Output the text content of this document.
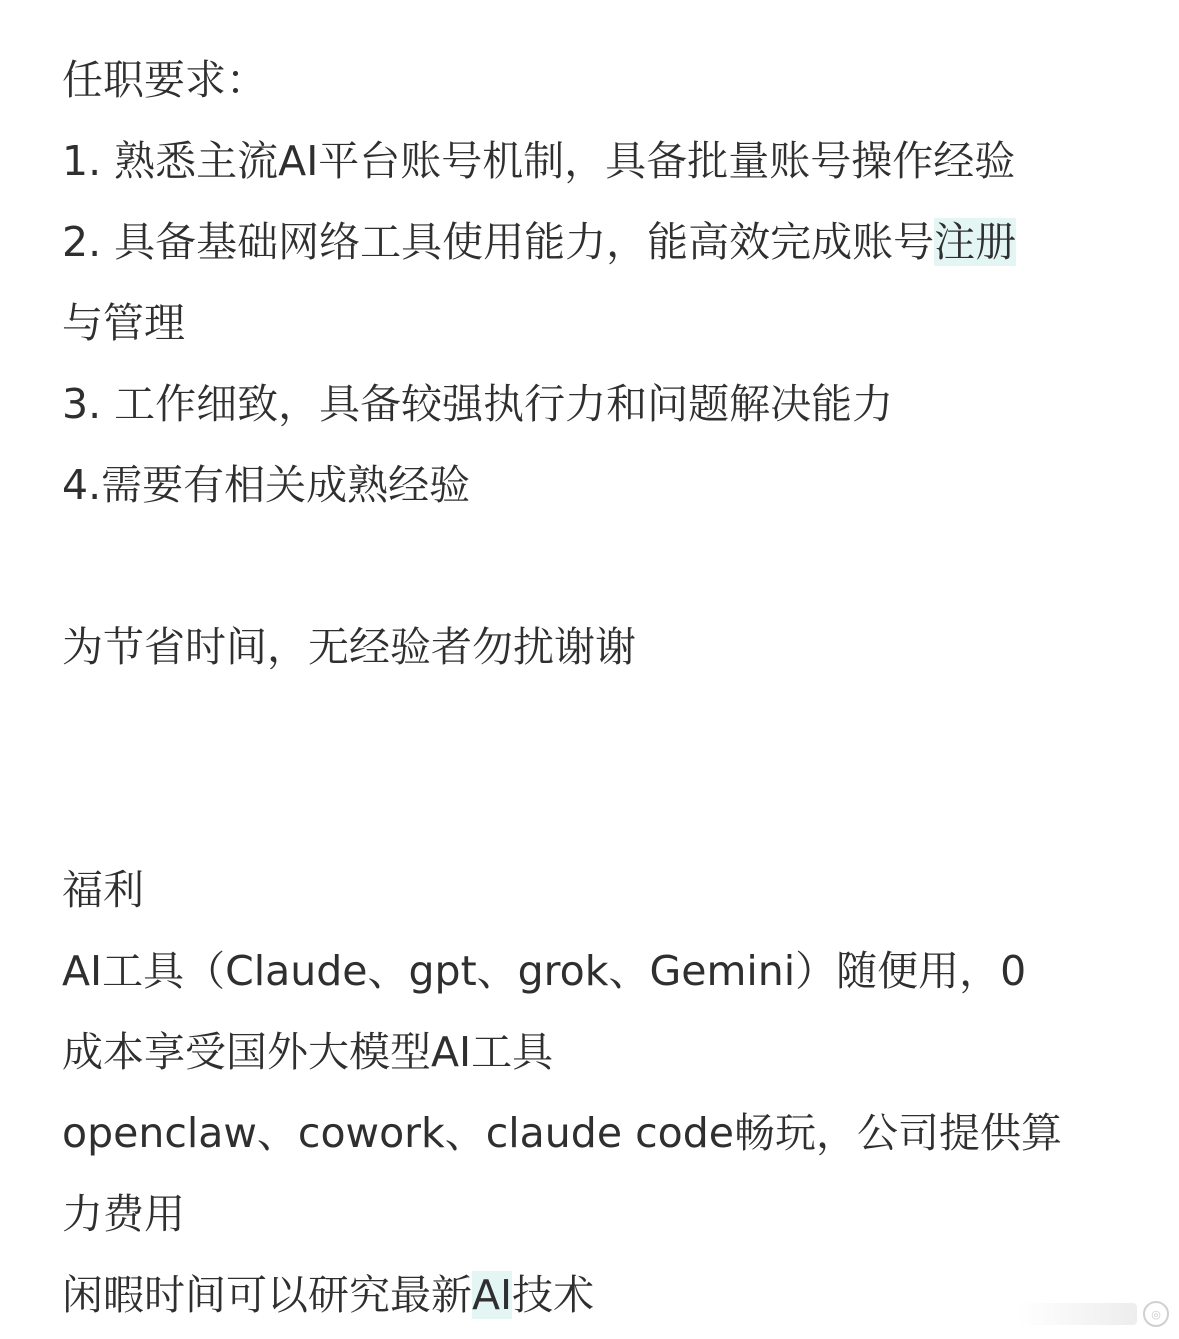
任职要求：

1. 熟悉主流AI平台账号机制，具备批量账号操作经验

2. 具备基础网络工具使用能力，能高效完成账号注册

与管理

3. 工作细致，具备较强执行力和问题解决能力

4.需要有相关成熟经验

为节省时间，无经验者勿扰谢谢

福利

AI工具（Claude、gpt、grok、Gemini）随便用，0

成本享受国外大模型AI工具

openclaw、cowork、claude code畅玩，公司提供算

力费用

闲暇时间可以研究最新AI技术	◎
